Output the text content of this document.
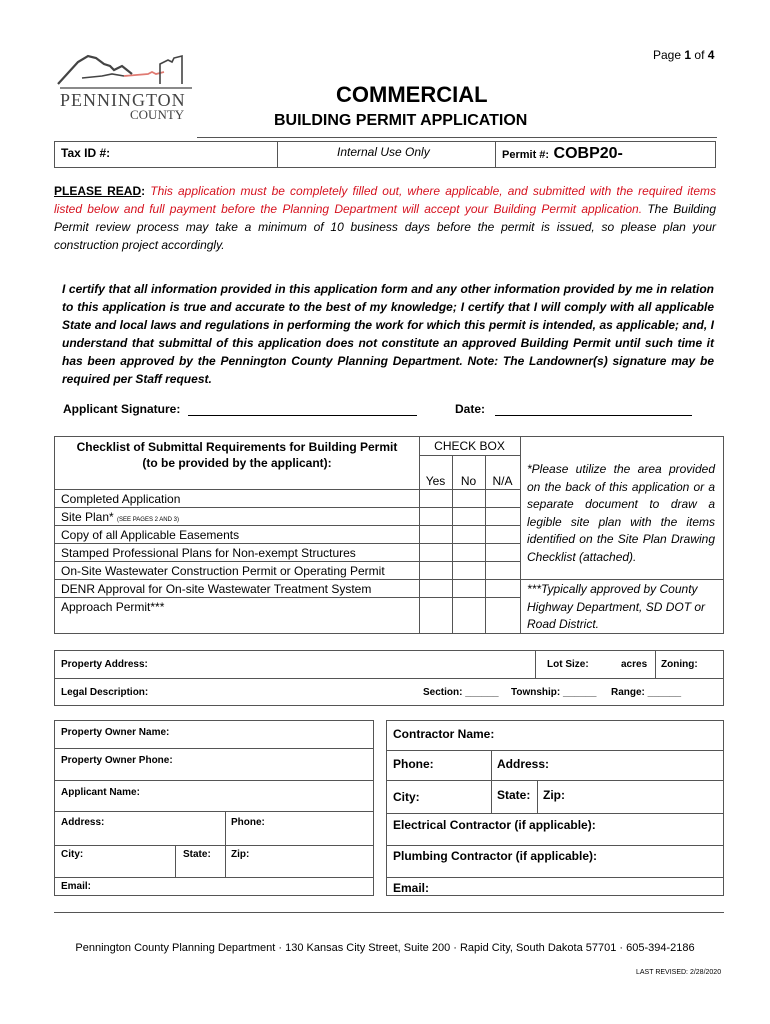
Page 1 of 4
PENNINGTON
COUNTY
COMMERCIAL
BUILDING PERMIT APPLICATION
Tax ID #:	Internal Use Only	Permit #: COBP20-
PLEASE READ: This application must be completely filled out, where applicable, and submitted with the required items listed below and full payment before the Planning Department will accept your Building Permit application. The Building Permit review process may take a minimum of 10 business days before the permit is issued, so please plan your construction project accordingly.
I certify that all information provided in this application form and any other information provided by me in relation to this application is true and accurate to the best of my knowledge; I certify that I will comply with all applicable State and local laws and regulations in performing the work for which this permit is intended, as applicable; and, I understand that submittal of this application does not constitute an approved Building Permit until such time it has been approved by the Pennington County Planning Department. Note: The Landowner(s) signature may be required per Staff request.
Applicant Signature:	Date:
Checklist of Submittal Requirements for Building Permit
(to be provided by the applicant):
CHECK BOX
Yes	No	N/A
Completed Application
Site Plan* (SEE PAGES 2 AND 3)
Copy of all Applicable Easements
Stamped Professional Plans for Non-exempt Structures
On-Site Wastewater Construction Permit or Operating Permit
DENR Approval for On-site Wastewater Treatment System
Approach Permit***
*Please utilize the area provided on the back of this application or a separate document to draw a legible site plan with the items identified on the Site Plan Drawing Checklist (attached).
***Typically approved by County Highway Department, SD DOT or Road District.
Property Address:	Lot Size:	acres Zoning:
Legal Description:	Section: ______ Township: ______ Range: ______
Property Owner Name:
Property Owner Phone:
Applicant Name:
Address:	Phone:
City:	State: Zip:
Email:
Contractor Name:
Phone:	Address:
City:	State: Zip:
Electrical Contractor (if applicable):
Plumbing Contractor (if applicable):
Email:
Pennington County Planning Department · 130 Kansas City Street, Suite 200 · Rapid City, South Dakota 57701 · 605-394-2186
LAST REVISED: 2/28/2020
